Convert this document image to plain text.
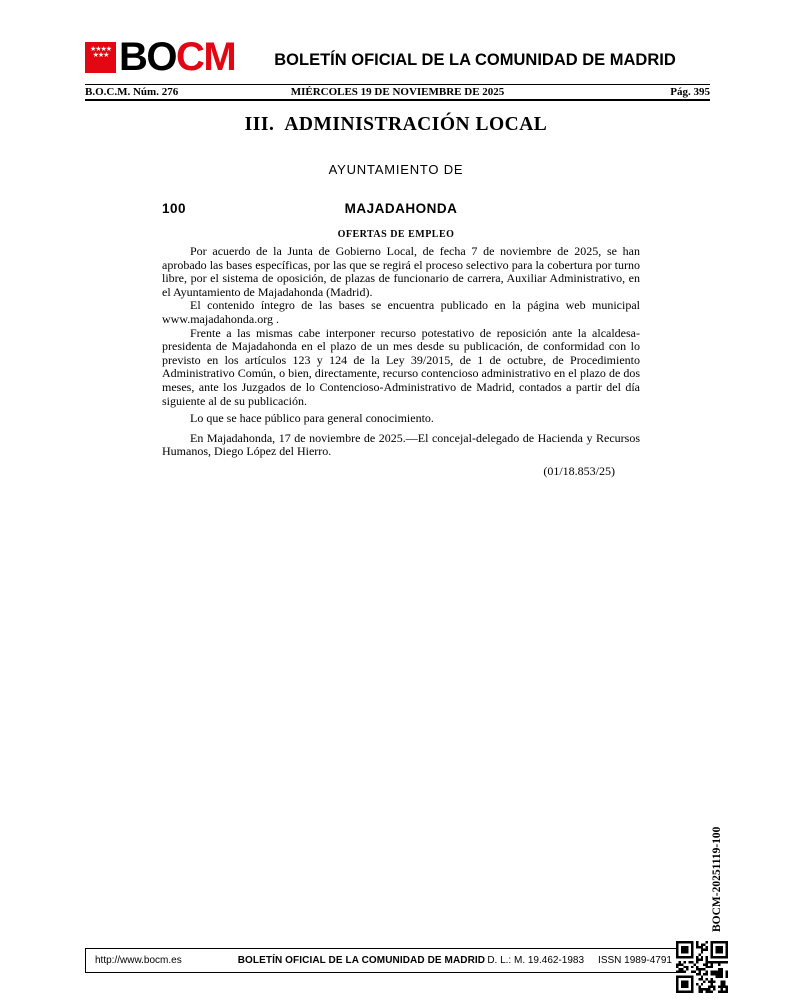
★★★★
★★★ BOCM	BOLETÍN OFICIAL DE LA COMUNIDAD DE MADRID
B.O.C.M. Núm. 276	MIÉRCOLES 19 DE NOVIEMBRE DE 2025	Pág. 395
III. ADMINISTRACIÓN LOCAL
AYUNTAMIENTO DE
100	MAJADAHONDA
OFERTAS DE EMPLEO

Por acuerdo de la Junta de Gobierno Local, de fecha 7 de noviembre de 2025, se han aprobado las bases específicas, por las que se regirá el proceso selectivo para la cobertura por turno libre, por el sistema de oposición, de plazas de funcionario de carrera, Auxiliar Administrativo, en el Ayuntamiento de Majadahonda (Madrid).

El contenido íntegro de las bases se encuentra publicado en la página web municipal www.majadahonda.org .

Frente a las mismas cabe interponer recurso potestativo de reposición ante la alcaldesa-presidenta de Majadahonda en el plazo de un mes desde su publicación, de conformidad con lo previsto en los artículos 123 y 124 de la Ley 39/2015, de 1 de octubre, de Procedimiento Administrativo Común, o bien, directamente, recurso contencioso administrativo en el plazo de dos meses, ante los Juzgados de lo Contencioso-Administrativo de Madrid, contados a partir del día siguiente al de su publicación.

Lo que se hace público para general conocimiento.

En Majadahonda, 17 de noviembre de 2025.—El concejal-delegado de Hacienda y Recursos Humanos, Diego López del Hierro.

(01/18.853/25)
BOCM-20251119-100
http://www.bocm.es	BOLETÍN OFICIAL DE LA COMUNIDAD DE MADRID D. L.: M. 19.462-1983 ISSN 1989-4791
